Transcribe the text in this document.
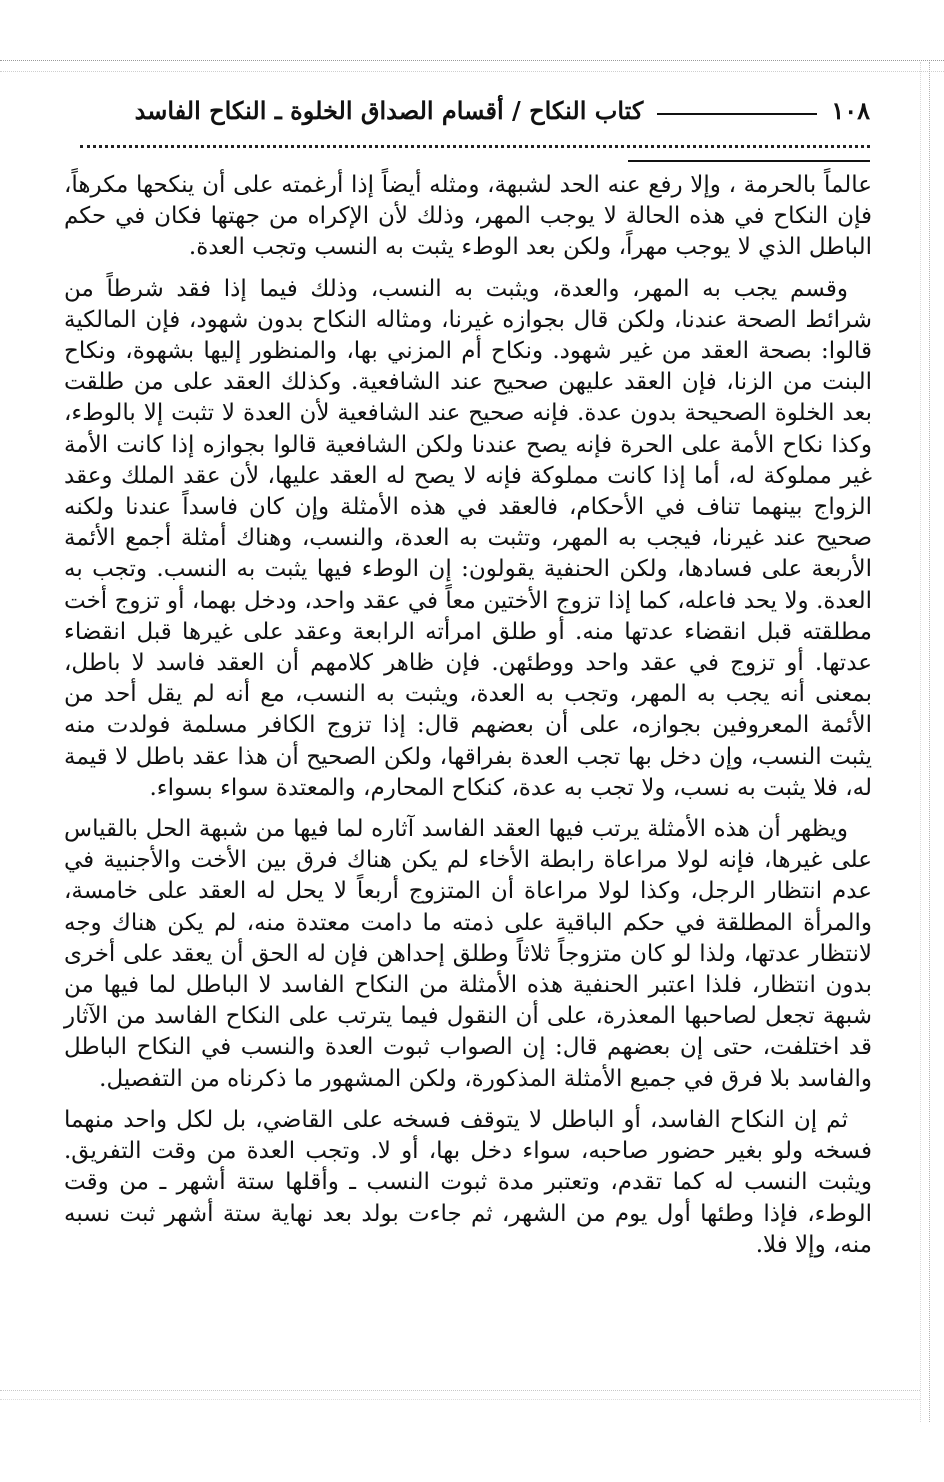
١٠٨
كتاب النكاح / أقسام الصداق الخلوة ـ النكاح الفاسد

عالماً بالحرمة ، وإلا رفع عنه الحد لشبهة، ومثله أيضاً إذا أرغمته على أن ينكحها مكرهاً، فإن النكاح في هذه الحالة لا يوجب المهر، وذلك لأن الإكراه من جهتها فكان في حكم الباطل الذي لا يوجب مهراً، ولكن بعد الوطء يثبت به النسب وتجب العدة.

وقسم يجب به المهر، والعدة، ويثبت به النسب، وذلك فيما إذا فقد شرطاً من شرائط الصحة عندنا، ولكن قال بجوازه غيرنا، ومثاله النكاح بدون شهود، فإن المالكية قالوا: بصحة العقد من غير شهود. ونكاح أم المزني بها، والمنظور إليها بشهوة، ونكاح البنت من الزنا، فإن العقد عليهن صحيح عند الشافعية. وكذلك العقد على من طلقت بعد الخلوة الصحيحة بدون عدة. فإنه صحيح عند الشافعية لأن العدة لا تثبت إلا بالوطء، وكذا نكاح الأمة على الحرة فإنه يصح عندنا ولكن الشافعية قالوا بجوازه إذا كانت الأمة غير مملوكة له، أما إذا كانت مملوكة فإنه لا يصح له العقد عليها، لأن عقد الملك وعقد الزواج بينهما تناف في الأحكام، فالعقد في هذه الأمثلة وإن كان فاسداً عندنا ولكنه صحيح عند غيرنا، فيجب به المهر، وتثبت به العدة، والنسب، وهناك أمثلة أجمع الأئمة الأربعة على فسادها، ولكن الحنفية يقولون: إن الوطء فيها يثبت به النسب. وتجب به العدة. ولا يحد فاعله، كما إذا تزوج الأختين معاً في عقد واحد، ودخل بهما، أو تزوج أخت مطلقته قبل انقضاء عدتها منه. أو طلق امرأته الرابعة وعقد على غيرها قبل انقضاء عدتها. أو تزوج في عقد واحد ووطئهن. فإن ظاهر كلامهم أن العقد فاسد لا باطل، بمعنى أنه يجب به المهر، وتجب به العدة، ويثبت به النسب، مع أنه لم يقل أحد من الأئمة المعروفين بجوازه، على أن بعضهم قال: إذا تزوج الكافر مسلمة فولدت منه يثبت النسب، وإن دخل بها تجب العدة بفراقها، ولكن الصحيح أن هذا عقد باطل لا قيمة له، فلا يثبت به نسب، ولا تجب به عدة، كنكاح المحارم، والمعتدة سواء بسواء.

ويظهر أن هذه الأمثلة يرتب فيها العقد الفاسد آثاره لما فيها من شبهة الحل بالقياس على غيرها، فإنه لولا مراعاة رابطة الأخاء لم يكن هناك فرق بين الأخت والأجنبية في عدم انتظار الرجل، وكذا لولا مراعاة أن المتزوج أربعاً لا يحل له العقد على خامسة، والمرأة المطلقة في حكم الباقية على ذمته ما دامت معتدة منه، لم يكن هناك وجه لانتظار عدتها، ولذا لو كان متزوجاً ثلاثاً وطلق إحداهن فإن له الحق أن يعقد على أخرى بدون انتظار، فلذا اعتبر الحنفية هذه الأمثلة من النكاح الفاسد لا الباطل لما فيها من شبهة تجعل لصاحبها المعذرة، على أن النقول فيما يترتب على النكاح الفاسد من الآثار قد اختلفت، حتى إن بعضهم قال: إن الصواب ثبوت العدة والنسب في النكاح الباطل والفاسد بلا فرق في جميع الأمثلة المذكورة، ولكن المشهور ما ذكرناه من التفصيل.

ثم إن النكاح الفاسد، أو الباطل لا يتوقف فسخه على القاضي، بل لكل واحد منهما فسخه ولو بغير حضور صاحبه، سواء دخل بها، أو لا. وتجب العدة من وقت التفريق. ويثبت النسب له كما تقدم، وتعتبر مدة ثبوت النسب ـ وأقلها ستة أشهر ـ من وقت الوطء، فإذا وطئها أول يوم من الشهر، ثم جاءت بولد بعد نهاية ستة أشهر ثبت نسبه منه، وإلا فلا.
